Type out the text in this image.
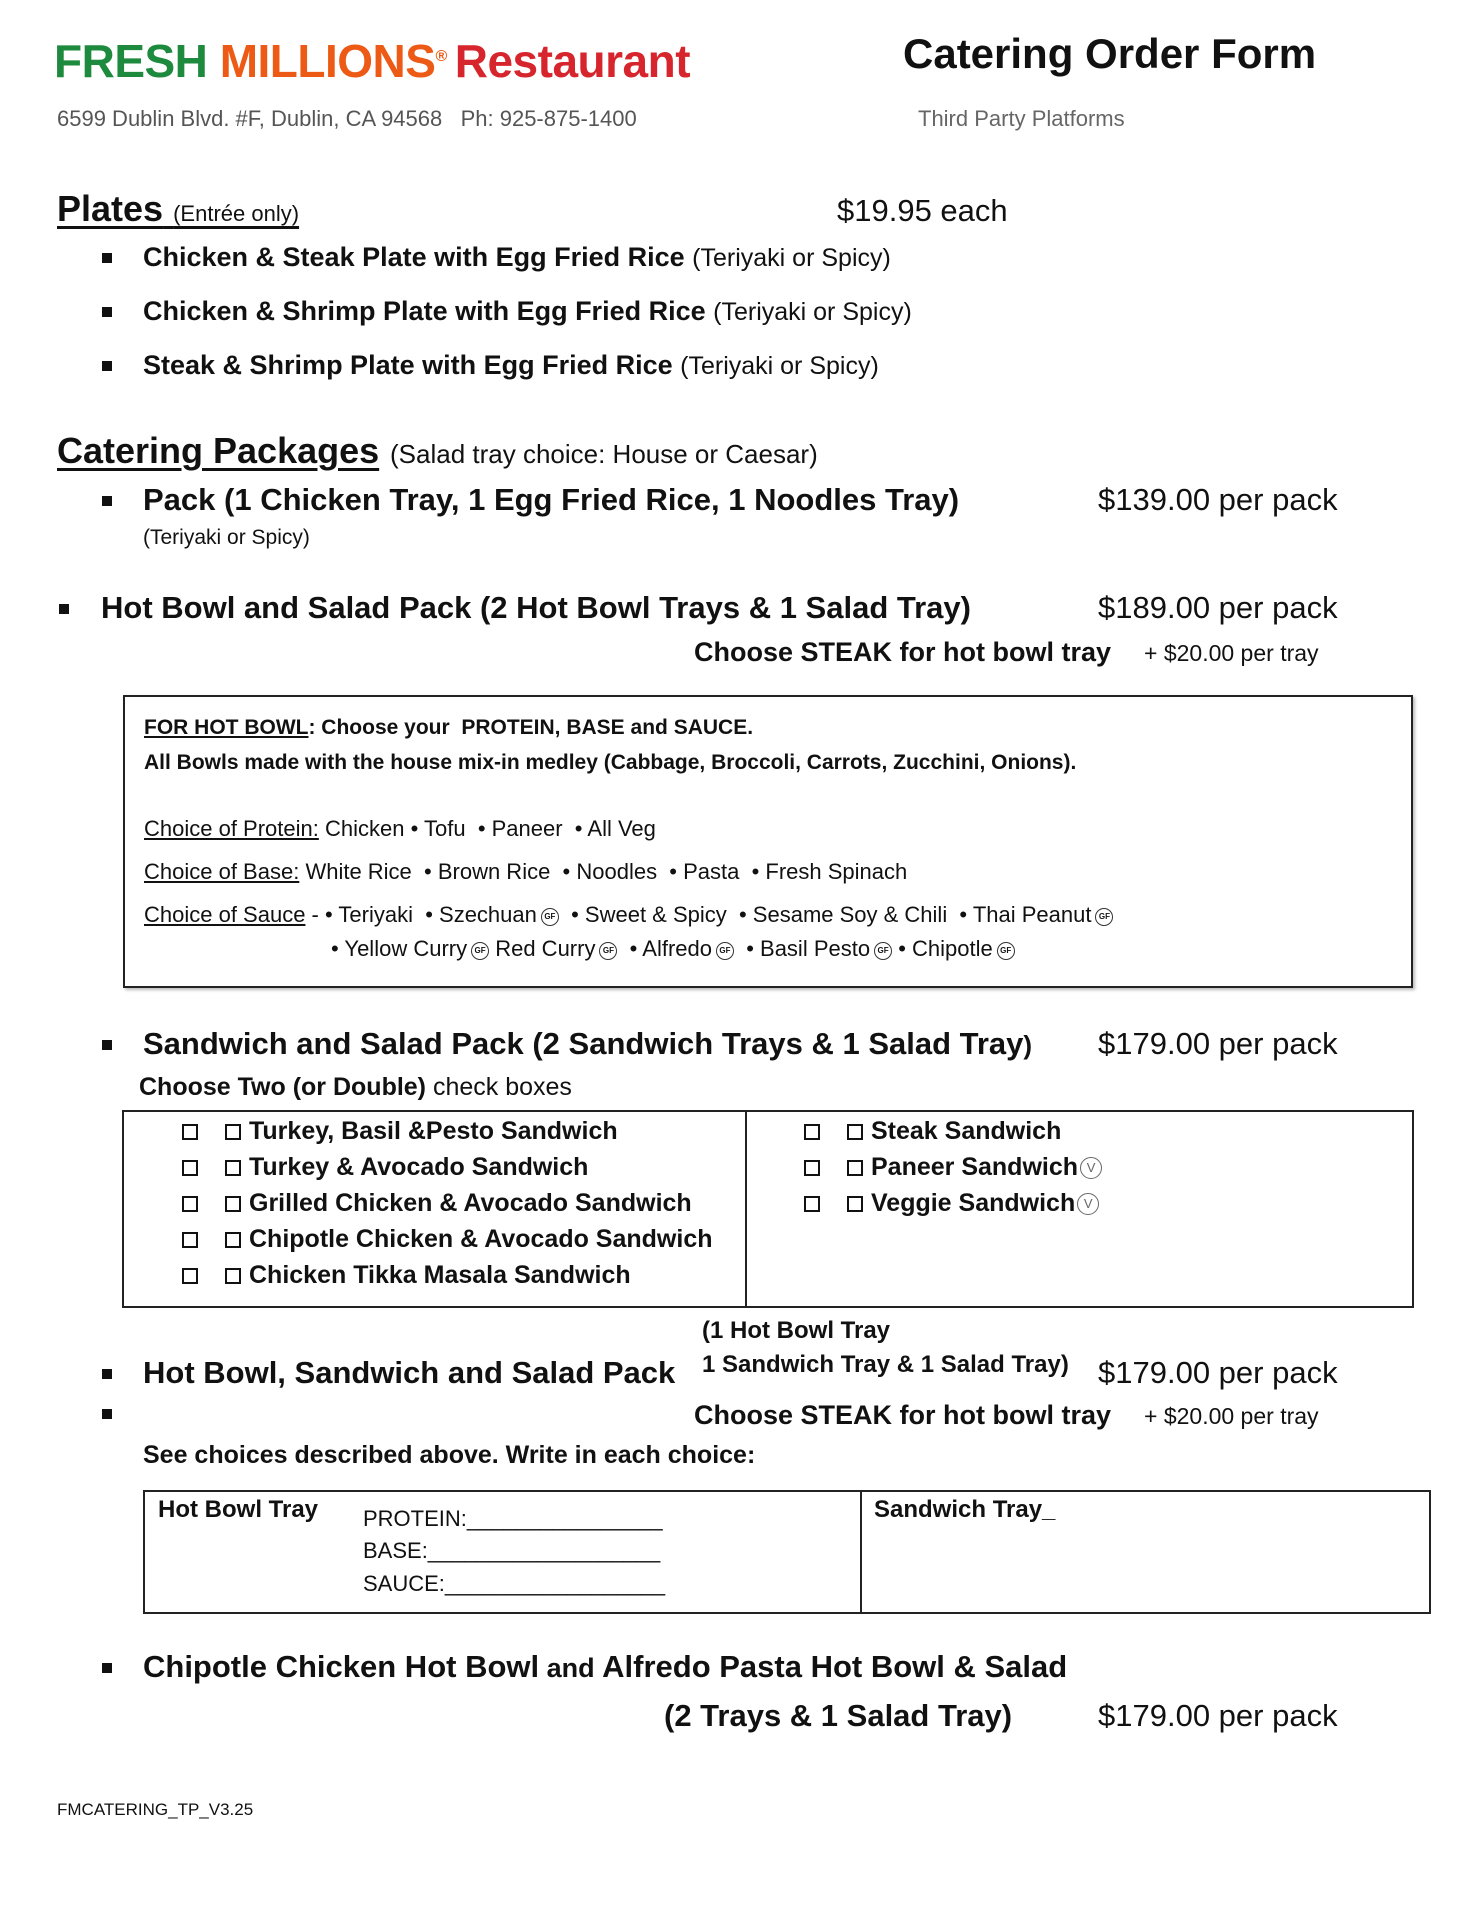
FRESH MILLIONS® Restaurant
6599 Dublin Blvd. #F, Dublin, CA 94568   Ph: 925-875-1400
Catering Order Form
Third Party Platforms
Plates (Entrée only)	$19.95 each
Chicken & Steak Plate with Egg Fried Rice (Teriyaki or Spicy)
Chicken & Shrimp Plate with Egg Fried Rice (Teriyaki or Spicy)
Steak & Shrimp Plate with Egg Fried Rice (Teriyaki or Spicy)
Catering Packages (Salad tray choice: House or Caesar)
Pack (1 Chicken Tray, 1 Egg Fried Rice, 1 Noodles Tray)	$139.00 per pack
(Teriyaki or Spicy)
Hot Bowl and Salad Pack (2 Hot Bowl Trays & 1 Salad Tray)	$189.00 per pack
Choose STEAK for hot bowl tray + $20.00 per tray
FOR HOT BOWL: Choose your  PROTEIN, BASE and SAUCE.
All Bowls made with the house mix-in medley (Cabbage, Broccoli, Carrots, Zucchini, Onions).
Choice of Protein: Chicken • Tofu  • Paneer  • All Veg
Choice of Base: White Rice  • Brown Rice  • Noodles  • Pasta  • Fresh Spinach
Choice of Sauce - • Teriyaki  • Szechuan GF  • Sweet & Spicy  • Sesame Soy & Chili  • Thai Peanut GF
• Yellow Curry GF Red Curry GF  • Alfredo GF  • Basil Pesto GF • Chipotle GF
Sandwich and Salad Pack (2 Sandwich Trays & 1 Salad Tray) $179.00 per pack
Choose Two (or Double) check boxes
Turkey, Basil &Pesto Sandwich
Turkey & Avocado Sandwich
Grilled Chicken & Avocado Sandwich
Chipotle Chicken & Avocado Sandwich
Chicken Tikka Masala Sandwich
Steak Sandwich
Paneer Sandwich V
Veggie Sandwich V
(1 Hot Bowl Tray
1 Sandwich Tray & 1 Salad Tray)
Hot Bowl, Sandwich and Salad Pack	$179.00 per pack
Choose STEAK for hot bowl tray + $20.00 per tray
See choices described above. Write in each choice:
Hot Bowl Tray PROTEIN:________________
BASE:___________________
SAUCE:__________________
Sandwich Tray_
Chipotle Chicken Hot Bowl and Alfredo Pasta Hot Bowl & Salad
(2 Trays & 1 Salad Tray)	$179.00 per pack
FMCATERING_TP_V3.25
